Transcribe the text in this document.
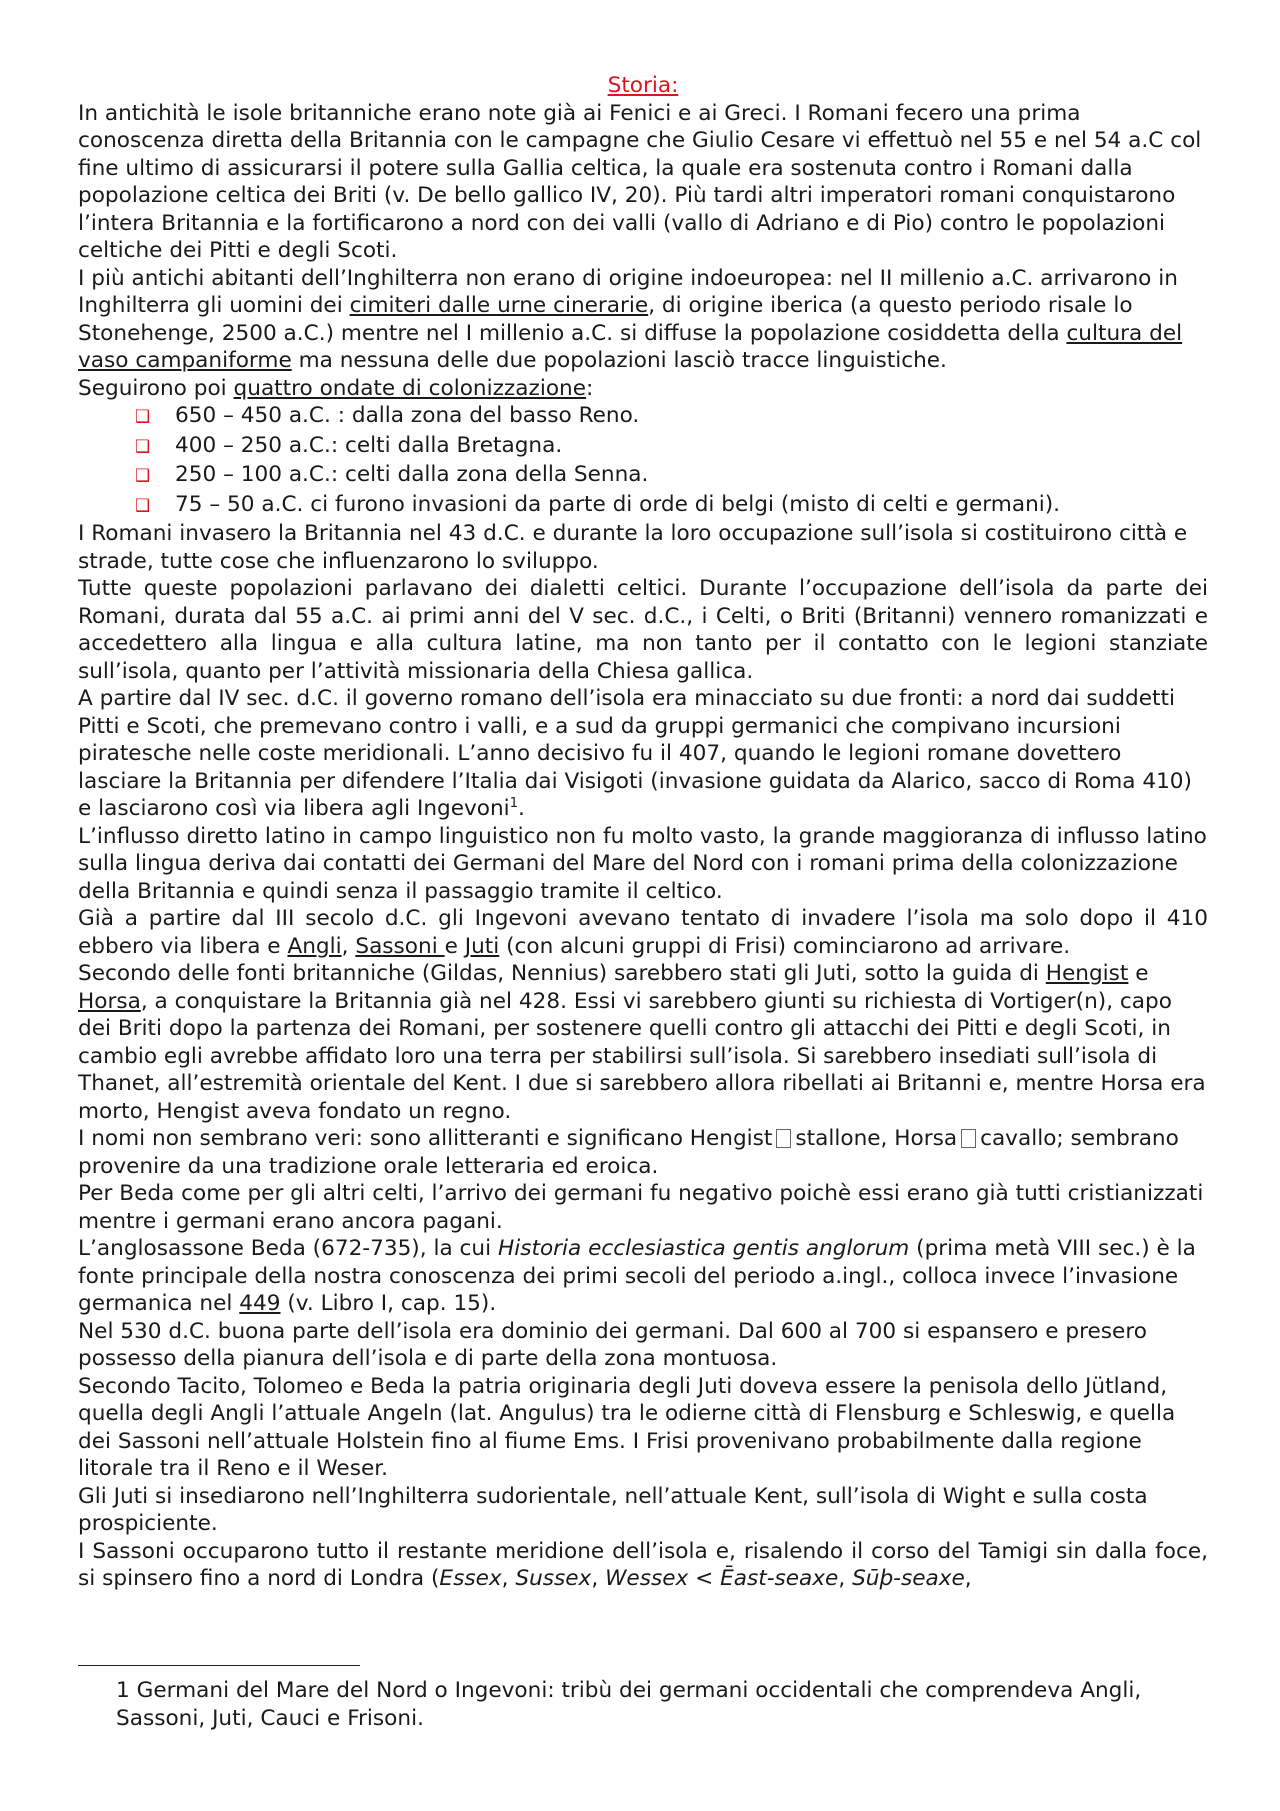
Storia:

In antichità le isole britanniche erano note già ai Fenici e ai Greci. I Romani fecero una prima conoscenza diretta della Britannia con le campagne che Giulio Cesare vi effettuò nel 55 e nel 54 a.C col fine ultimo di assicurarsi il potere sulla Gallia celtica, la quale era sostenuta contro i Romani dalla popolazione celtica dei Briti (v. De bello gallico IV, 20). Più tardi altri imperatori romani conquistarono l’intera Britannia e la fortificarono a nord con dei valli (vallo di Adriano e di Pio) contro le popolazioni celtiche dei Pitti e degli Scoti.

I più antichi abitanti dell’Inghilterra non erano di origine indoeuropea: nel II millenio a.C. arrivarono in Inghilterra gli uomini dei cimiteri dalle urne cinerarie, di origine iberica (a questo periodo risale lo Stonehenge, 2500 a.C.) mentre nel I millenio a.C. si diffuse la popolazione cosiddetta della cultura del vaso campaniforme ma nessuna delle due popolazioni lasciò tracce linguistiche.

Seguirono poi quattro ondate di colonizzazione:

❑	650 – 450 a.C. : dalla zona del basso Reno.
❑	400 – 250 a.C.: celti dalla Bretagna.
❑	250 – 100 a.C.: celti dalla zona della Senna.
❑	75 – 50 a.C. ci furono invasioni da parte di orde di belgi (misto di celti e germani).

I Romani invasero la Britannia nel 43 d.C. e durante la loro occupazione sull’isola si costituirono città e strade, tutte cose che influenzarono lo sviluppo.

Tutte queste popolazioni parlavano dei dialetti celtici. Durante l’occupazione dell’isola da parte dei Romani, durata dal 55 a.C. ai primi anni del V sec. d.C., i Celti, o Briti (Britanni) vennero romanizzati e accedettero alla lingua e alla cultura latine, ma non tanto per il contatto con le legioni stanziate sull’isola, quanto per l’attività missionaria della Chiesa gallica.

A partire dal IV sec. d.C. il governo romano dell’isola era minacciato su due fronti: a nord dai suddetti Pitti e Scoti, che premevano contro i valli, e a sud da gruppi germanici che compivano incursioni piratesche nelle coste meridionali. L’anno decisivo fu il 407, quando le legioni romane dovettero lasciare la Britannia per difendere l’Italia dai Visigoti (invasione guidata da Alarico, sacco di Roma 410) e lasciarono così via libera agli Ingevoni$^1$.

L’influsso diretto latino in campo linguistico non fu molto vasto, la grande maggioranza di influsso latino sulla lingua deriva dai contatti dei Germani del Mare del Nord con i romani prima della colonizzazione della Britannia e quindi senza il passaggio tramite il celtico.

Già a partire dal III secolo d.C. gli Ingevoni avevano tentato di invadere l’isola ma solo dopo il 410 ebbero via libera e Angli, Sassoni e Juti (con alcuni gruppi di Frisi) cominciarono ad arrivare.

Secondo delle fonti britanniche (Gildas, Nennius) sarebbero stati gli Juti, sotto la guida di Hengist e Horsa, a conquistare la Britannia già nel 428. Essi vi sarebbero giunti su richiesta di Vortiger(n), capo dei Briti dopo la partenza dei Romani, per sostenere quelli contro gli attacchi dei Pitti e degli Scoti, in cambio egli avrebbe affidato loro una terra per stabilirsi sull’isola. Si sarebbero insediati sull’isola di Thanet, all’estremità orientale del Kent. I due si sarebbero allora ribellati ai Britanni e, mentre Horsa era morto, Hengist aveva fondato un regno.

I nomi non sembrano veri: sono allitteranti e significano Hengist stallone, Horsa cavallo; sembrano provenire da una tradizione orale letteraria ed eroica.

Per Beda come per gli altri celti, l’arrivo dei germani fu negativo poichè essi erano già tutti cristianizzati mentre i germani erano ancora pagani.

L’anglosassone Beda (672-735), la cui Historia ecclesiastica gentis anglorum (prima metà VIII sec.) è la fonte principale della nostra conoscenza dei primi secoli del periodo a.ingl., colloca invece l’invasione germanica nel 449 (v. Libro I, cap. 15).

Nel 530 d.C. buona parte dell’isola era dominio dei germani. Dal 600 al 700 si espansero e presero possesso della pianura dell’isola e di parte della zona montuosa.

Secondo Tacito, Tolomeo e Beda la patria originaria degli Juti doveva essere la penisola dello Jütland, quella degli Angli l’attuale Angeln (lat. Angulus) tra le odierne città di Flensburg e Schleswig, e quella dei Sassoni nell’attuale Holstein fino al fiume Ems. I Frisi provenivano probabilmente dalla regione litorale tra il Reno e il Weser.

Gli Juti si insediarono nell’Inghilterra sudorientale, nell’attuale Kent, sull’isola di Wight e sulla costa prospiciente.

I Sassoni occuparono tutto il restante meridione dell’isola e, risalendo il corso del Tamigi sin dalla foce, si spinsero fino a nord di Londra (Essex, Sussex, Wessex < Ēast-seaxe, Sūþ-seaxe,

1 Germani del Mare del Nord o Ingevoni: tribù dei germani occidentali che comprendeva Angli, Sassoni, Juti, Cauci e Frisoni.
